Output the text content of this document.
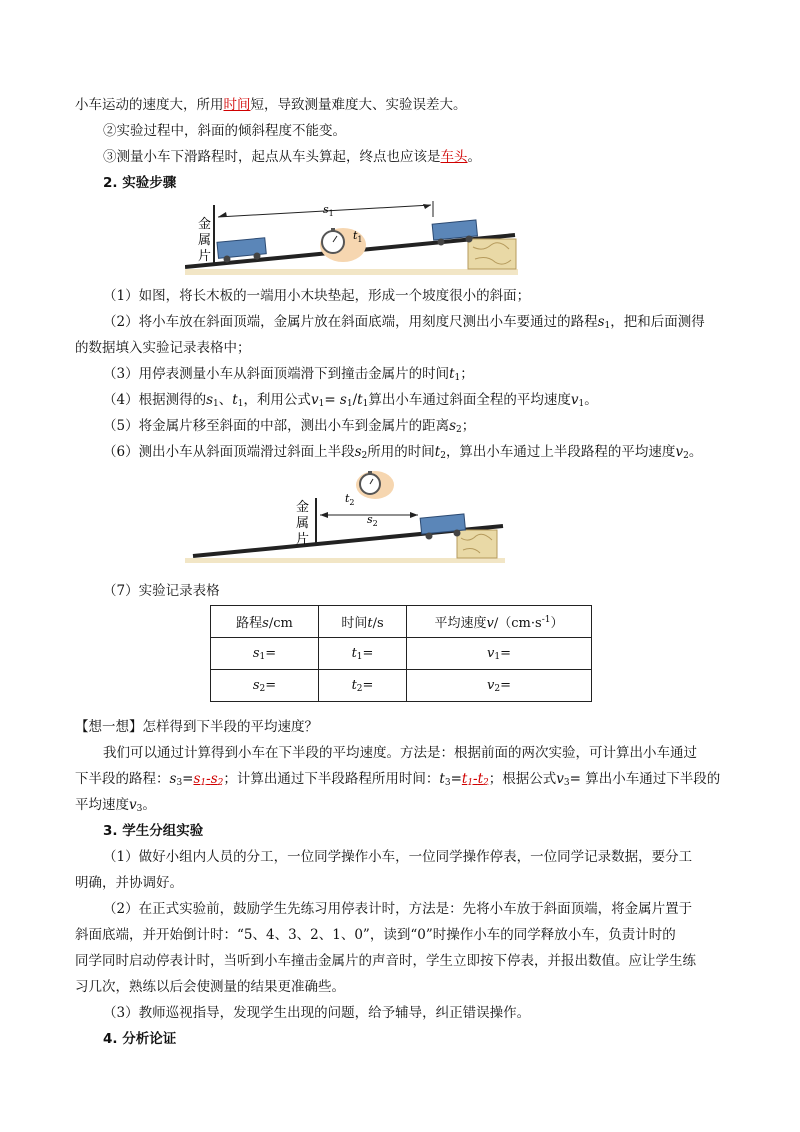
小车运动的速度大，所用时间短，导致测量难度大、实验误差大。
②实验过程中，斜面的倾斜程度不能变。
③测量小车下滑路程时，起点从车头算起，终点也应该是车头。
2. 实验步骤
金
属
片
$s_1$
$t_1$
（1）如图，将长木板的一端用小木块垫起，形成一个坡度很小的斜面；
（2）将小车放在斜面顶端，金属片放在斜面底端，用刻度尺测出小车要通过的路程$s_1$，把和后面测得
的数据填入实验记录表格中；
（3）用停表测量小车从斜面顶端滑下到撞击金属片的时间$t_1$；
（4）根据测得的$s_1$、$t_1$，利用公式$v_1= s_1/t_1$算出小车通过斜面全程的平均速度$v_1$。
（5）将金属片移至斜面的中部，测出小车到金属片的距离$s_2$；
（6）测出小车从斜面顶端滑过斜面上半段$s_2$所用的时间$t_2$，算出小车通过上半段路程的平均速度$v_2$。
金
属
片
$s_2$
$t_2$
（7）实验记录表格
路程s/cm	时间t/s	平均速度$v/(cm\cdot s^{-1})$
$s_1=$	$t_1=$	$v_1=$
$s_2=$	$t_2=$	$v_2=$
【想一想】怎样得到下半段的平均速度？
我们可以通过计算得到小车在下半段的平均速度。方法是：根据前面的两次实验，可计算出小车通过
下半段的路程：$s_3=s_1-s_2$；计算出通过下半段路程所用时间：$t_3=t_1-t_2$；根据公式$v_3=$ 算出小车通过下半段的
平均速度$v_3$。
3. 学生分组实验
（1）做好小组内人员的分工，一位同学操作小车，一位同学操作停表，一位同学记录数据，要分工
明确，并协调好。
（2）在正式实验前，鼓励学生先练习用停表计时，方法是：先将小车放于斜面顶端，将金属片置于
斜面底端，并开始倒计时：“5、4、3、2、1、0”，读到“0”时操作小车的同学释放小车，负责计时的
同学同时启动停表计时，当听到小车撞击金属片的声音时，学生立即按下停表，并报出数值。应让学生练
习几次，熟练以后会使测量的结果更准确些。
（3）教师巡视指导，发现学生出现的问题，给予辅导，纠正错误操作。
4. 分析论证
